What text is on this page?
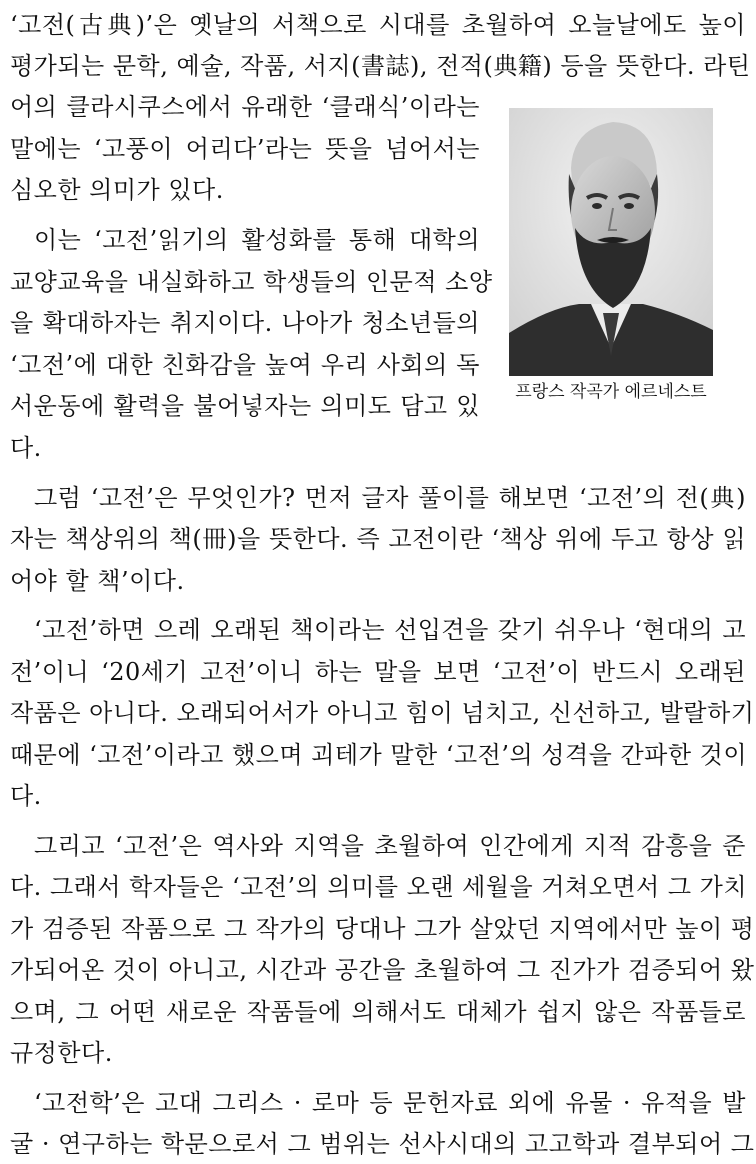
‘고전(古典)’은 옛날의 서책으로 시대를 초월하여 오늘날에도 높이
평가되는 문학, 예술, 작품, 서지(書誌), 전적(典籍) 등을 뜻한다. 라틴
어의 클라시쿠스에서 유래한 ‘클래식’이라는
말에는 ‘고풍이 어리다’라는 뜻을 넘어서는
심오한 의미가 있다.
이는 ‘고전’읽기의 활성화를 통해 대학의
교양교육을 내실화하고 학생들의 인문적 소양
을 확대하자는 취지이다. 나아가 청소년들의
‘고전’에 대한 친화감을 높여 우리 사회의 독
서운동에 활력을 불어넣자는 의미도 담고 있
다.
그럼 ‘고전’은 무엇인가? 먼저 글자 풀이를 해보면 ‘고전’의 전(典)
자는 책상위의 책(冊)을 뜻한다. 즉 고전이란 ‘책상 위에 두고 항상 읽
어야 할 책’이다.
‘고전’하면 으레 오래된 책이라는 선입견을 갖기 쉬우나 ‘현대의 고
전’이니 ‘20세기 고전’이니 하는 말을 보면 ‘고전’이 반드시 오래된
작품은 아니다. 오래되어서가 아니고 힘이 넘치고, 신선하고, 발랄하기
때문에 ‘고전’이라고 했으며 괴테가 말한 ‘고전’의 성격을 간파한 것이
다.
그리고 ‘고전’은 역사와 지역을 초월하여 인간에게 지적 감흥을 준
다. 그래서 학자들은 ‘고전’의 의미를 오랜 세월을 거쳐오면서 그 가치
가 검증된 작품으로 그 작가의 당대나 그가 살았던 지역에서만 높이 평
가되어온 것이 아니고, 시간과 공간을 초월하여 그 진가가 검증되어 왔
으며, 그 어떤 새로운 작품들에 의해서도 대체가 쉽지 않은 작품들로
규정한다.
‘고전학’은 고대 그리스 · 로마 등 문헌자료 외에 유물 · 유적을 발
굴 · 연구하는 학문으로서 그 범위는 선사시대의 고고학과 결부되어 그
프랑스 작곡가 에르네스트
